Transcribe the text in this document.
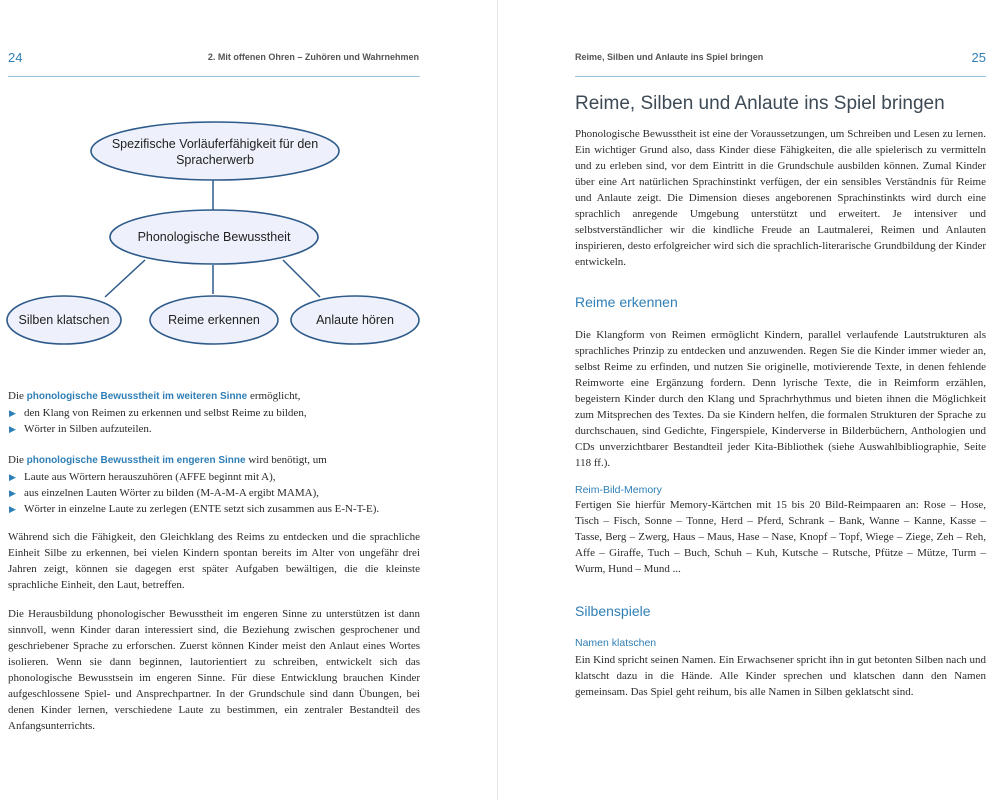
24	2. Mit offenen Ohren – Zuhören und Wahrnehmen
Spezifische Vorläuferfähigkeit für den
Spracherwerb
Phonologische Bewusstheit
Silben klatschen	Reime erkennen	Anlaute hören

Die phonologische Bewusstheit im weiteren Sinne ermöglicht,

▶ den Klang von Reimen zu erkennen und selbst Reime zu bilden,
▶ Wörter in Silben aufzuteilen.

Die phonologische Bewusstheit im engeren Sinne wird benötigt, um

▶ Laute aus Wörtern herauszuhören (AFFE beginnt mit A),
▶ aus einzelnen Lauten Wörter zu bilden (M-A-M-A ergibt MAMA),
▶ Wörter in einzelne Laute zu zerlegen (ENTE setzt sich zusammen aus E-N-T-E).
Während sich die Fähigkeit, den Gleichklang des Reims zu entdecken und die sprachliche Einheit Silbe zu erkennen, bei vielen Kindern spontan bereits im Alter von ungefähr drei Jahren zeigt, können sie dagegen erst später Aufgaben bewältigen, die die kleinste sprachliche Einheit, den Laut, betreffen.
Die Herausbildung phonologischer Bewusstheit im engeren Sinne zu unterstützen ist dann sinnvoll, wenn Kinder daran interessiert sind, die Beziehung zwischen gesprochener und geschriebener Sprache zu erforschen. Zuerst können Kinder meist den Anlaut eines Wortes isolieren. Wenn sie dann beginnen, lautorientiert zu schreiben, entwickelt sich das phonologische Bewusstsein im engeren Sinne. Für diese Entwicklung brauchen Kinder aufgeschlossene Spiel- und Ansprechpartner. In der Grundschule sind dann Übungen, bei denen Kinder lernen, verschiedene Laute zu bestimmen, ein zentraler Bestandteil des Anfangsunterrichts.
Reime, Silben und Anlaute ins Spiel bringen	25
Reime, Silben und Anlaute ins Spiel bringen
Phonologische Bewusstheit ist eine der Voraussetzungen, um Schreiben und Lesen zu lernen. Ein wichtiger Grund also, dass Kinder diese Fähigkeiten, die alle spielerisch zu vermitteln und zu erleben sind, vor dem Eintritt in die Grundschule ausbilden können. Zumal Kinder über eine Art natürlichen Sprachinstinkt verfügen, der ein sensibles Verständnis für Reime und Anlaute zeigt. Die Dimension dieses angeborenen Sprachinstinkts wird durch eine sprachlich anregende Umgebung unterstützt und erweitert. Je intensiver und selbstverständlicher wir die kindliche Freude an Lautmalerei, Reimen und Anlauten inspirieren, desto erfolgreicher wird sich die sprachlich-literarische Grundbildung der Kinder entwickeln.
Reime erkennen
Die Klangform von Reimen ermöglicht Kindern, parallel verlaufende Lautstrukturen als sprachliches Prinzip zu entdecken und anzuwenden. Regen Sie die Kinder immer wieder an, selbst Reime zu erfinden, und nutzen Sie originelle, motivierende Texte, in denen fehlende Reimworte eine Ergänzung fordern. Denn lyrische Texte, die in Reimform erzählen, begeistern Kinder durch den Klang und Sprachrhythmus und bieten ihnen die Möglichkeit zum Mitsprechen des Textes. Da sie Kindern helfen, die formalen Strukturen der Sprache zu durchschauen, sind Gedichte, Fingerspiele, Kinderverse in Bilderbüchern, Anthologien und CDs unverzichtbarer Bestandteil jeder Kita-Bibliothek (siehe Auswahlbibliographie, Seite 118 ff.).
Reim-Bild-Memory
Fertigen Sie hierfür Memory-Kärtchen mit 15 bis 20 Bild-Reimpaaren an: Rose – Hose, Tisch – Fisch, Sonne – Tonne, Herd – Pferd, Schrank – Bank, Wanne – Kanne, Kasse – Tasse, Berg – Zwerg, Haus – Maus, Hase – Nase, Knopf – Topf, Wiege – Ziege, Zeh – Reh, Affe – Giraffe, Tuch – Buch, Schuh – Kuh, Kutsche – Rutsche, Pfütze – Mütze, Turm – Wurm, Hund – Mund ...
Silbenspiele
Namen klatschen
Ein Kind spricht seinen Namen. Ein Erwachsener spricht ihn in gut betonten Silben nach und klatscht dazu in die Hände. Alle Kinder sprechen und klatschen dann den Namen gemeinsam. Das Spiel geht reihum, bis alle Namen in Silben geklatscht sind.
